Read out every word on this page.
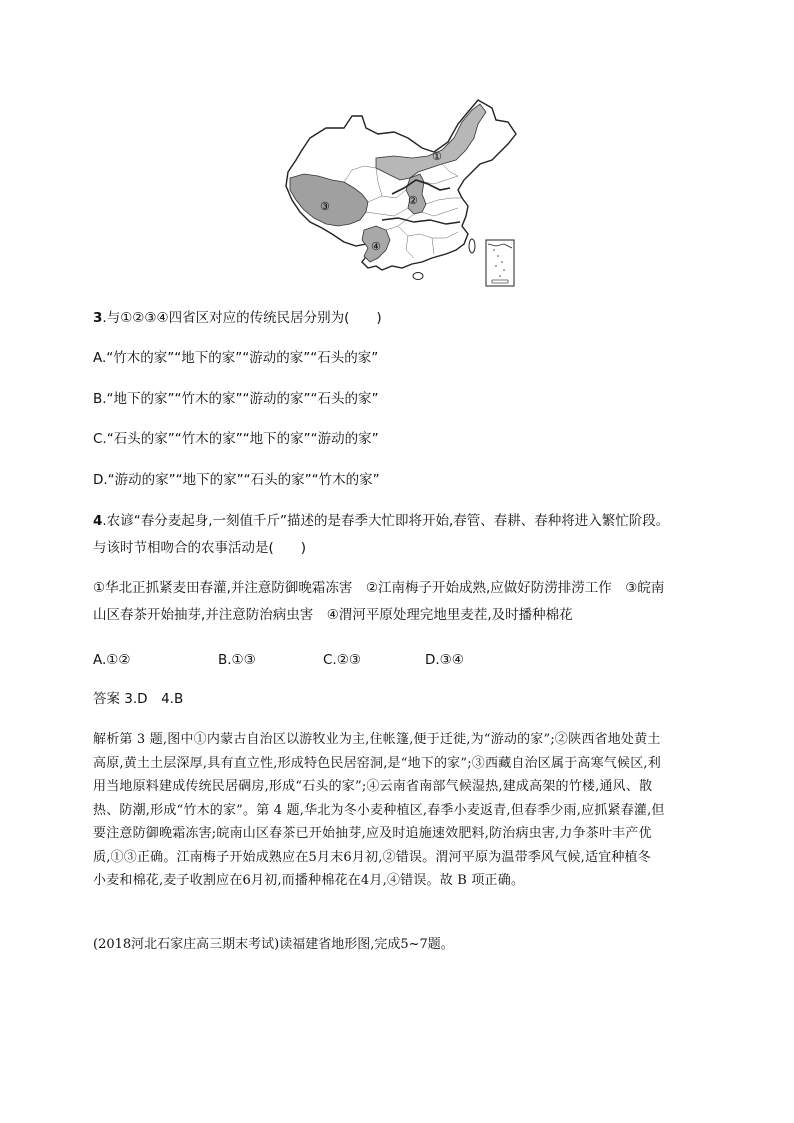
①
②
③
④
3.与①②③④四省区对应的传统民居分别为(　　)
A.“竹木的家”“地下的家”“游动的家”“石头的家”
B.“地下的家”“竹木的家”“游动的家”“石头的家”
C.“石头的家”“竹木的家”“地下的家”“游动的家”
D.“游动的家”“地下的家”“石头的家”“竹木的家”
4.农谚“春分麦起身,一刻值千斤”描述的是春季大忙即将开始,春管、春耕、春种将进入繁忙阶段。
与该时节相吻合的农事活动是(　　)
①华北正抓紧麦田春灌,并注意防御晚霜冻害　②江南梅子开始成熟,应做好防涝排涝工作　③皖南
山区春茶开始抽芽,并注意防治病虫害　④渭河平原处理完地里麦茬,及时播种棉花
A.①②	B.①③	C.②③	D.③④
答案 3.D　4.B
解析第 3 题,图中①内蒙古自治区以游牧业为主,住帐篷,便于迁徙,为“游动的家”;②陕西省地处黄土
高原,黄土土层深厚,具有直立性,形成特色民居窑洞,是“地下的家”;③西藏自治区属于高寒气候区,利
用当地原料建成传统民居碉房,形成“石头的家”;④云南省南部气候湿热,建成高架的竹楼,通风、散
热、防潮,形成“竹木的家”。第 4 题,华北为冬小麦种植区,春季小麦返青,但春季少雨,应抓紧春灌,但
要注意防御晚霜冻害;皖南山区春茶已开始抽芽,应及时追施速效肥料,防治病虫害,力争茶叶丰产优
质,①③正确。江南梅子开始成熟应在5月末6月初,②错误。渭河平原为温带季风气候,适宜种植冬
小麦和棉花,麦子收割应在6月初,而播种棉花在4月,④错误。故 B 项正确。
(2018河北石家庄高三期末考试)读福建省地形图,完成5~7题。
